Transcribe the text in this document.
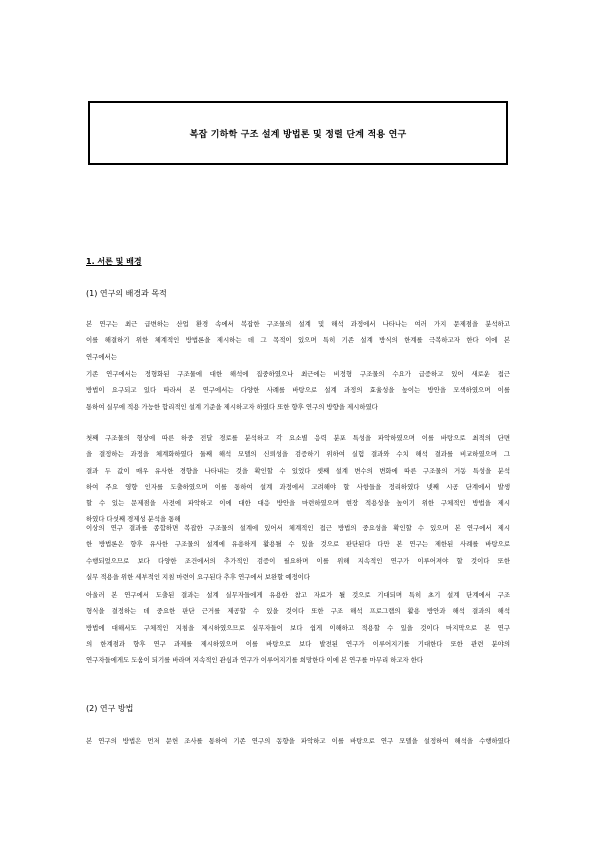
복잡 기하학 구조 설계 방법론 및 정렬 단계 적용 연구
1. 서론 및 배경
(1) 연구의 배경과 목적
본 연구는 최근 급변하는 산업 환경 속에서 복잡한 구조물의 설계 및 해석 과정에서 나타나는 여러 가지 문제점을 분석하고
이를 해결하기 위한 체계적인 방법론을 제시하는 데 그 목적이 있으며 특히 기존 설계 방식의 한계를 극복하고자 한다 이에 본
연구에서는
기존 연구에서는 정형화된 구조물에 대한 해석에 집중하였으나 최근에는 비정형 구조물의 수요가 급증하고 있어 새로운 접근
방법이 요구되고 있다 따라서 본 연구에서는 다양한 사례를 바탕으로 설계 과정의 효율성을 높이는 방안을 모색하였으며 이를
통하여 실무에 적용 가능한 합리적인 설계 기준을 제시하고자 하였다 또한 향후 연구의 방향을 제시하였다
첫째 구조물의 형상에 따른 하중 전달 경로를 분석하고 각 요소별 응력 분포 특성을 파악하였으며 이를 바탕으로 최적의 단면
을 결정하는 과정을 체계화하였다 둘째 해석 모델의 신뢰성을 검증하기 위하여 실험 결과와 수치 해석 결과를 비교하였으며 그
결과 두 값이 매우 유사한 경향을 나타내는 것을 확인할 수 있었다 셋째 설계 변수의 변화에 따른 구조물의 거동 특성을 분석
하여 주요 영향 인자를 도출하였으며 이를 통하여 설계 과정에서 고려해야 할 사항들을 정리하였다 넷째 시공 단계에서 발생
할 수 있는 문제점을 사전에 파악하고 이에 대한 대응 방안을 마련하였으며 현장 적용성을 높이기 위한 구체적인 방법을 제시
하였다 다섯째 경제성 분석을 통해
이상의 연구 결과를 종합하면 복잡한 구조물의 설계에 있어서 체계적인 접근 방법의 중요성을 확인할 수 있으며 본 연구에서 제시
한 방법론은 향후 유사한 구조물의 설계에 유용하게 활용될 수 있을 것으로 판단된다 다만 본 연구는 제한된 사례를 바탕으로
수행되었으므로 보다 다양한 조건에서의 추가적인 검증이 필요하며 이를 위해 지속적인 연구가 이루어져야 할 것이다 또한
실무 적용을 위한 세부적인 지침 마련이 요구된다 추후 연구에서 보완할 예정이다
아울러 본 연구에서 도출된 결과는 설계 실무자들에게 유용한 참고 자료가 될 것으로 기대되며 특히 초기 설계 단계에서 구조
형식을 결정하는 데 중요한 판단 근거를 제공할 수 있을 것이다 또한 구조 해석 프로그램의 활용 방안과 해석 결과의 해석
방법에 대해서도 구체적인 지침을 제시하였으므로 실무자들이 보다 쉽게 이해하고 적용할 수 있을 것이다 마지막으로 본 연구
의 한계점과 향후 연구 과제를 제시하였으며 이를 바탕으로 보다 발전된 연구가 이루어지기를 기대한다 또한 관련 분야의
연구자들에게도 도움이 되기를 바라며 지속적인 관심과 연구가 이루어지기를 희망한다 이에 본 연구를 마무리 하고자 한다
(2) 연구 방법
본 연구의 방법은 먼저 문헌 조사를 통하여 기존 연구의 동향을 파악하고 이를 바탕으로 연구 모델을 설정하여 해석을 수행하였다
